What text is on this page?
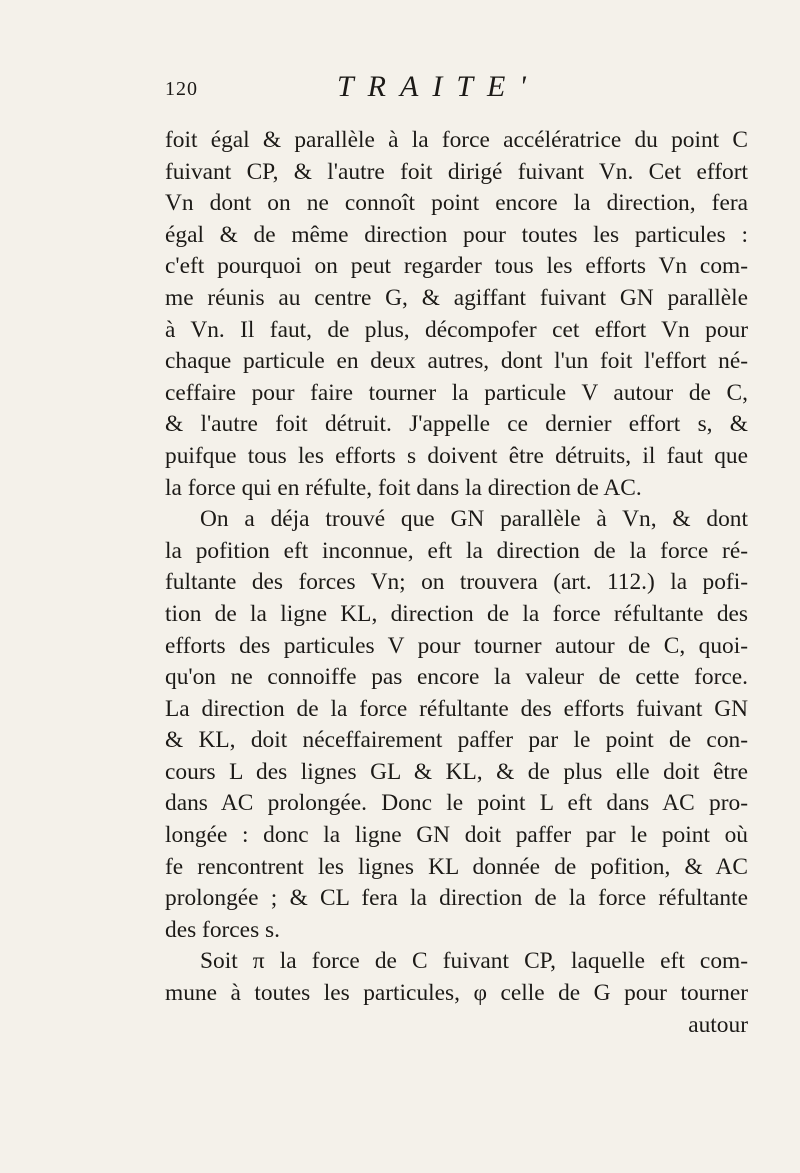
120	TRAITE'
foit égal & parallèle à la force accélératrice du point C
fuivant CP, & l'autre foit dirigé fuivant Vn. Cet effort
Vn dont on ne connoît point encore la direction, fera
égal & de même direction pour toutes les particules :
c'eft pourquoi on peut regarder tous les efforts Vn com-
me réunis au centre G, & agiffant fuivant GN parallèle
à Vn. Il faut, de plus, décompofer cet effort Vn pour
chaque particule en deux autres, dont l'un foit l'effort né-
ceffaire pour faire tourner la particule V autour de C,
& l'autre foit détruit. J'appelle ce dernier effort s, &
puifque tous les efforts s doivent être détruits, il faut que
la force qui en réfulte, foit dans la direction de AC.
On a déja trouvé que GN parallèle à Vn, & dont
la pofition eft inconnue, eft la direction de la force ré-
fultante des forces Vn; on trouvera (art. 112.) la pofi-
tion de la ligne KL, direction de la force réfultante des
efforts des particules V pour tourner autour de C, quoi-
qu'on ne connoiffe pas encore la valeur de cette force.
La direction de la force réfultante des efforts fuivant GN
& KL, doit néceffairement paffer par le point de con-
cours L des lignes GL & KL, & de plus elle doit être
dans AC prolongée. Donc le point L eft dans AC pro-
longée : donc la ligne GN doit paffer par le point où
fe rencontrent les lignes KL donnée de pofition, & AC
prolongée ; & CL fera la direction de la force réfultante
des forces s.
Soit π la force de C fuivant CP, laquelle eft com-
mune à toutes les particules, φ celle de G pour tourner
autour
